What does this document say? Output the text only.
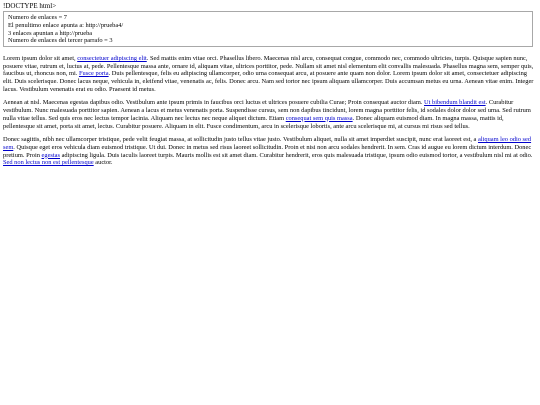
!DOCTYPE html>
Numero de enlaces = 7
El penultimo enlace apunta a: http://prueba4/
3 enlaces apuntan a http://prueba
Numero de enlaces del tercer parrafo = 3

Lorem ipsum dolor sit amet, consectetuer adipiscing elit. Sed mattis enim vitae orci. Phasellus libero. Maecenas nisl arcu, consequat congue, commodo nec, commodo ultricies, turpis. Quisque sapien nunc, posuere vitae, rutrum et, luctus at, pede. Pellentesque massa ante, ornare id, aliquam vitae, ultrices porttitor, pede. Nullam sit amet nisl elementum elit convallis malesuada. Phasellus magna sem, semper quis, faucibus ut, rhoncus non, mi. Fusce porta. Duis pellentesque, felis eu adipiscing ullamcorper, odio urna consequat arcu, at posuere ante quam non dolor. Lorem ipsum dolor sit amet, consectetuer adipiscing elit. Duis scelerisque. Donec lacus neque, vehicula in, eleifend vitae, venenatis ac, felis. Donec arcu. Nam sed tortor nec ipsum aliquam ullamcorper. Duis accumsan metus eu urna. Aenean vitae enim. Integer lacus. Vestibulum venenatis erat eu odio. Praesent id metus.

Aenean at nisl. Maecenas egestas dapibus odio. Vestibulum ante ipsum primis in faucibus orci luctus et ultrices posuere cubilia Curae; Proin consequat auctor diam. Ut bibendum blandit est. Curabitur vestibulum. Nunc malesuada porttitor sapien. Aenean a lacus et metus venenatis porta. Suspendisse cursus, sem non dapibus tincidunt, lorem magna porttitor felis, id sodales dolor dolor sed urna. Sed rutrum nulla vitae tellus. Sed quis eros nec lectus tempor lacinia. Aliquam nec lectus nec neque aliquet dictum. Etiam consequat sem quis massa. Donec aliquam euismod diam. In magna massa, mattis id, pellentesque sit amet, porta sit amet, lectus. Curabitur posuere. Aliquam in elit. Fusce condimentum, arcu in scelerisque lobortis, ante arcu scelerisque mi, at cursus mi risus sed tellus.

Donec sagittis, nibh nec ullamcorper tristique, pede velit feugiat massa, at sollicitudin justo tellus vitae justo. Vestibulum aliquet, nulla sit amet imperdiet suscipit, nunc erat laoreet est, a aliquam leo odio sed sem. Quisque eget eros vehicula diam euismod tristique. Ut dui. Donec in metus sed risus laoreet sollicitudin. Proin et nisi non arcu sodales hendrerit. In sem. Cras id augue eu lorem dictum interdum. Donec pretium. Proin egestas adipiscing ligula. Duis iaculis laoreet turpis. Mauris mollis est sit amet diam. Curabitur hendrerit, eros quis malesuada tristique, ipsum odio euismod tortor, a vestibulum nisl mi at odio. Sed non lectus non est pellentesque auctor.
